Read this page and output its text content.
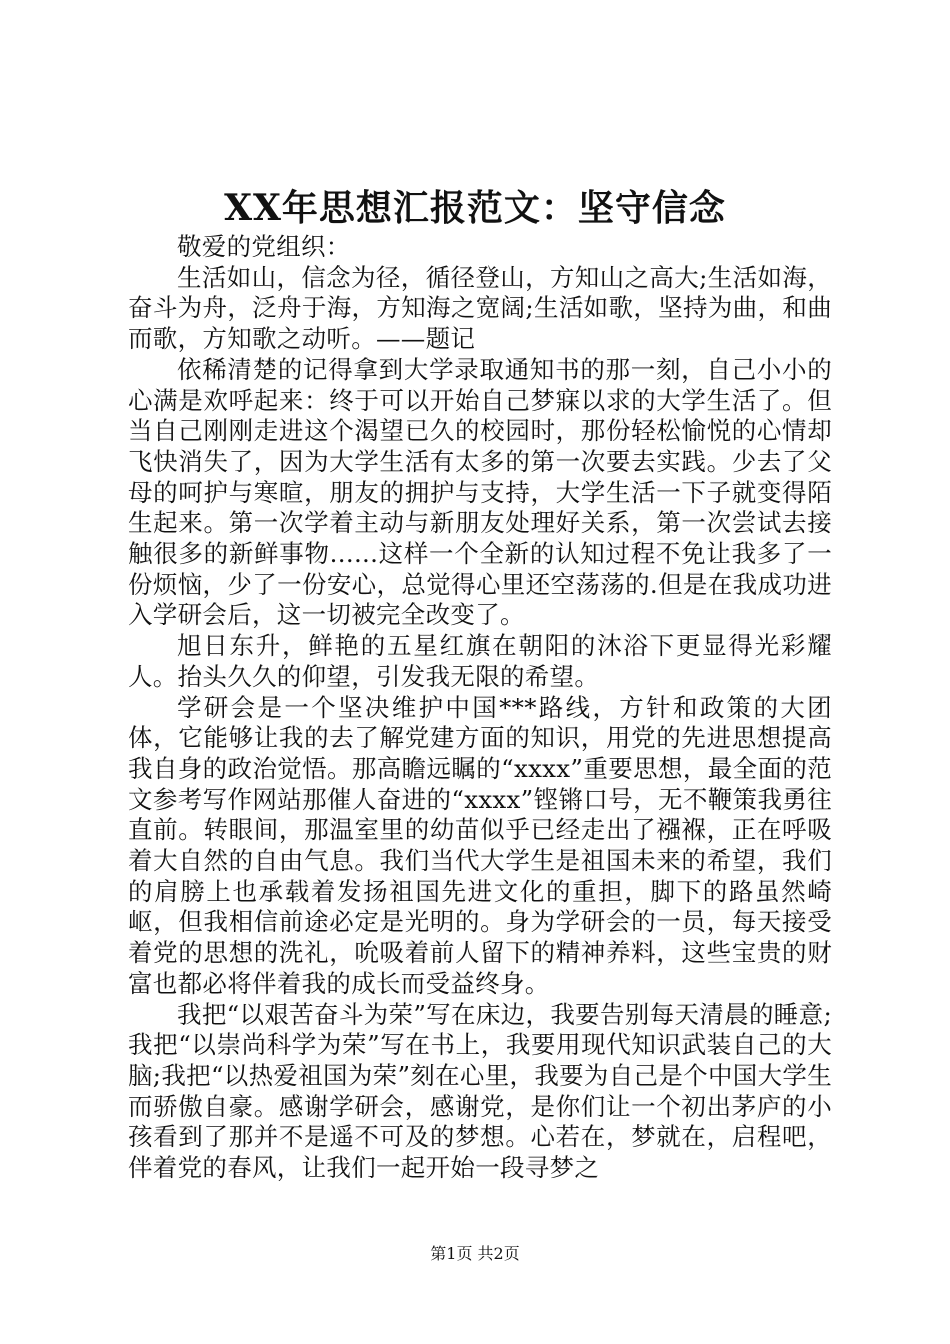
XX年思想汇报范文：坚守信念

敬爱的党组织：

生活如山，信念为径，循径登山，方知山之高大;生活如海，奋斗为舟，泛舟于海，方知海之宽阔;生活如歌，坚持为曲，和曲而歌，方知歌之动听。——题记

依稀清楚的记得拿到大学录取通知书的那一刻，自己小小的心满是欢呼起来：终于可以开始自己梦寐以求的大学生活了。但当自己刚刚走进这个渴望已久的校园时，那份轻松愉悦的心情却飞快消失了，因为大学生活有太多的第一次要去实践。少去了父母的呵护与寒暄，朋友的拥护与支持，大学生活一下子就变得陌生起来。第一次学着主动与新朋友处理好关系，第一次尝试去接触很多的新鲜事物......这样一个全新的认知过程不免让我多了一份烦恼，少了一份安心，总觉得心里还空荡荡的.但是在我成功进入学研会后，这一切被完全改变了。

旭日东升，鲜艳的五星红旗在朝阳的沐浴下更显得光彩耀人。抬头久久的仰望，引发我无限的希望。

学研会是一个坚决维护中国***路线，方针和政策的大团体，它能够让我的去了解党建方面的知识，用党的先进思想提高我自身的政治觉悟。那高瞻远瞩的“xxxx”重要思想，最全面的范文参考写作网站那催人奋进的“xxxx”铿锵口号，无不鞭策我勇往直前。转眼间，那温室里的幼苗似乎已经走出了襁褓，正在呼吸着大自然的自由气息。我们当代大学生是祖国未来的希望，我们的肩膀上也承载着发扬祖国先进文化的重担，脚下的路虽然崎岖，但我相信前途必定是光明的。身为学研会的一员，每天接受着党的思想的洗礼，吮吸着前人留下的精神养料，这些宝贵的财富也都必将伴着我的成长而受益终身。

我把“以艰苦奋斗为荣”写在床边，我要告别每天清晨的睡意;我把“以崇尚科学为荣”写在书上，我要用现代知识武装自己的大脑;我把“以热爱祖国为荣”刻在心里，我要为自己是个中国大学生而骄傲自豪。感谢学研会，感谢党，是你们让一个初出茅庐的小孩看到了那并不是遥不可及的梦想。心若在，梦就在，启程吧，伴着党的春风，让我们一起开始一段寻梦之

第1页 共2页
